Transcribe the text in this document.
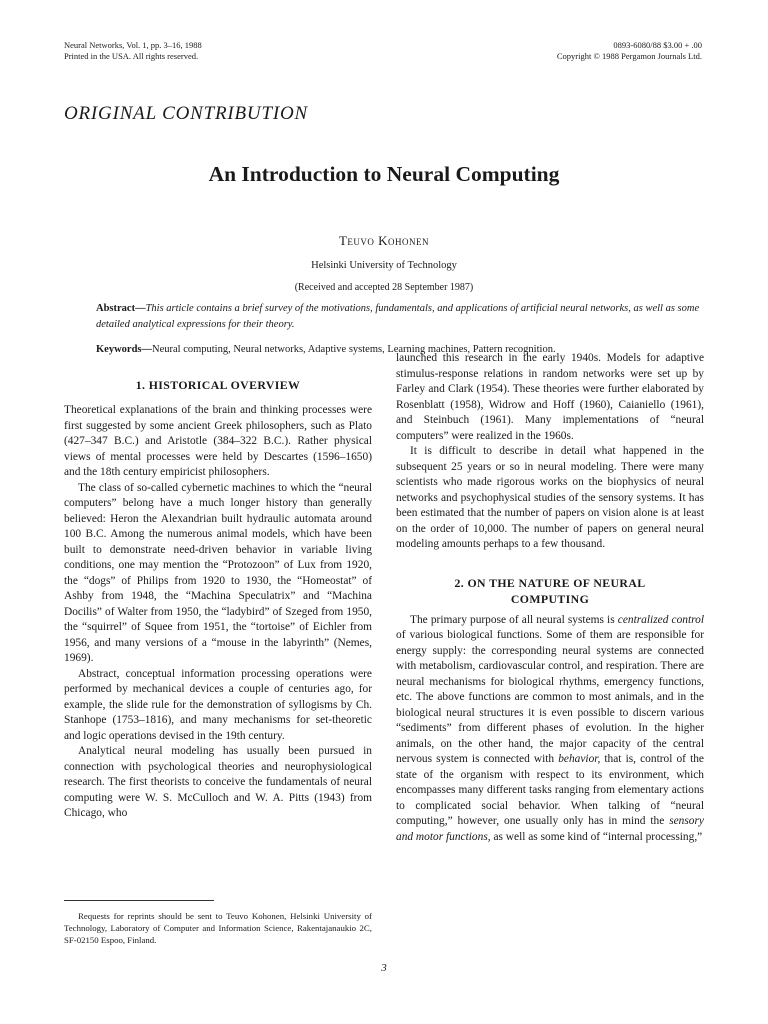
Neural Networks, Vol. 1, pp. 3–16, 1988
Printed in the USA. All rights reserved.
0893-6080/88 $3.00 + .00
Copyright © 1988 Pergamon Journals Ltd.
ORIGINAL CONTRIBUTION
An Introduction to Neural Computing
Teuvo Kohonen
Helsinki University of Technology
(Received and accepted 28 September 1987)
Abstract—This article contains a brief survey of the motivations, fundamentals, and applications of artificial neural networks, as well as some detailed analytical expressions for their theory.
Keywords—Neural computing, Neural networks, Adaptive systems, Learning machines, Pattern recognition.
1. HISTORICAL OVERVIEW
Theoretical explanations of the brain and thinking processes were first suggested by some ancient Greek philosophers, such as Plato (427–347 B.C.) and Aristotle (384–322 B.C.). Rather physical views of mental processes were held by Descartes (1596–1650) and the 18th century empiricist philosophers.
The class of so-called cybernetic machines to which the “neural computers” belong have a much longer history than generally believed: Heron the Alexandrian built hydraulic automata around 100 B.C. Among the numerous animal models, which have been built to demonstrate need-driven behavior in variable living conditions, one may mention the “Protozoon” of Lux from 1920, the “dogs” of Philips from 1920 to 1930, the “Homeostat” of Ashby from 1948, the “Machina Speculatrix” and “Machina Docilis” of Walter from 1950, the “ladybird” of Szeged from 1950, the “squirrel” of Squee from 1951, the “tortoise” of Eichler from 1956, and many versions of a “mouse in the labyrinth” (Nemes, 1969).
Abstract, conceptual information processing operations were performed by mechanical devices a couple of centuries ago, for example, the slide rule for the demonstration of syllogisms by Ch. Stanhope (1753–1816), and many mechanisms for set-theoretic and logic operations devised in the 19th century.
Analytical neural modeling has usually been pursued in connection with psychological theories and neurophysiological research. The first theorists to conceive the fundamentals of neural computing were W. S. McCulloch and W. A. Pitts (1943) from Chicago, who
launched this research in the early 1940s. Models for adaptive stimulus-response relations in random networks were set up by Farley and Clark (1954). These theories were further elaborated by Rosenblatt (1958), Widrow and Hoff (1960), Caianiello (1961), and Steinbuch (1961). Many implementations of “neural computers” were realized in the 1960s.
It is difficult to describe in detail what happened in the subsequent 25 years or so in neural modeling. There were many scientists who made rigorous works on the biophysics of neural networks and psychophysical studies of the sensory systems. It has been estimated that the number of papers on vision alone is at least on the order of 10,000. The number of papers on general neural modeling amounts perhaps to a few thousand.
2. ON THE NATURE OF NEURAL
COMPUTING
The primary purpose of all neural systems is centralized control of various biological functions. Some of them are responsible for energy supply: the corresponding neural systems are connected with metabolism, cardiovascular control, and respiration. There are neural mechanisms for biological rhythms, emergency functions, etc. The above functions are common to most animals, and in the biological neural structures it is even possible to discern various “sediments” from different phases of evolution. In the higher animals, on the other hand, the major capacity of the central nervous system is connected with behavior, that is, control of the state of the organism with respect to its environment, which encompasses many different tasks ranging from elementary actions to complicated social behavior. When talking of “neural computing,” however, one usually only has in mind the sensory and motor functions, as well as some kind of “internal processing,”
Requests for reprints should be sent to Teuvo Kohonen, Helsinki University of Technology, Laboratory of Computer and Information Science, Rakentajanaukio 2C, SF-02150 Espoo, Finland.
3
